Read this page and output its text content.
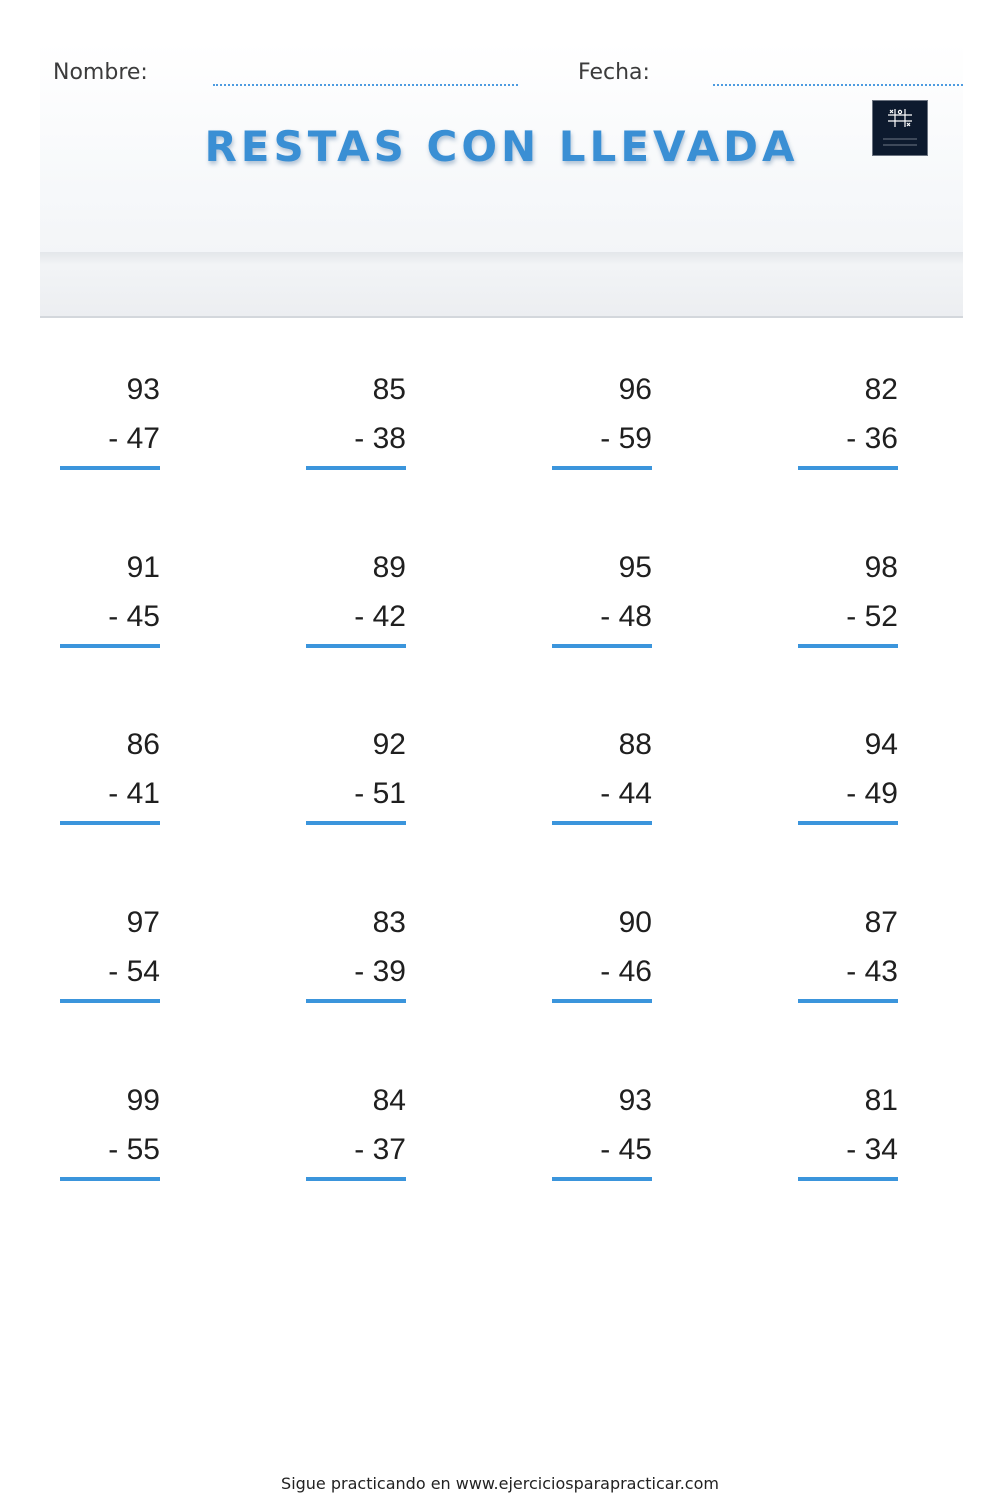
Nombre:	Fecha:
RESTAS CON LLEVADA
93
- 47
85
- 38
96
- 59
82
- 36
91
- 45
89
- 42
95
- 48
98
- 52
86
- 41
92
- 51
88
- 44
94
- 49
97
- 54
83
- 39
90
- 46
87
- 43
99
- 55
84
- 37
93
- 45
81
- 34
Sigue practicando en www.ejerciciosparapracticar.com
